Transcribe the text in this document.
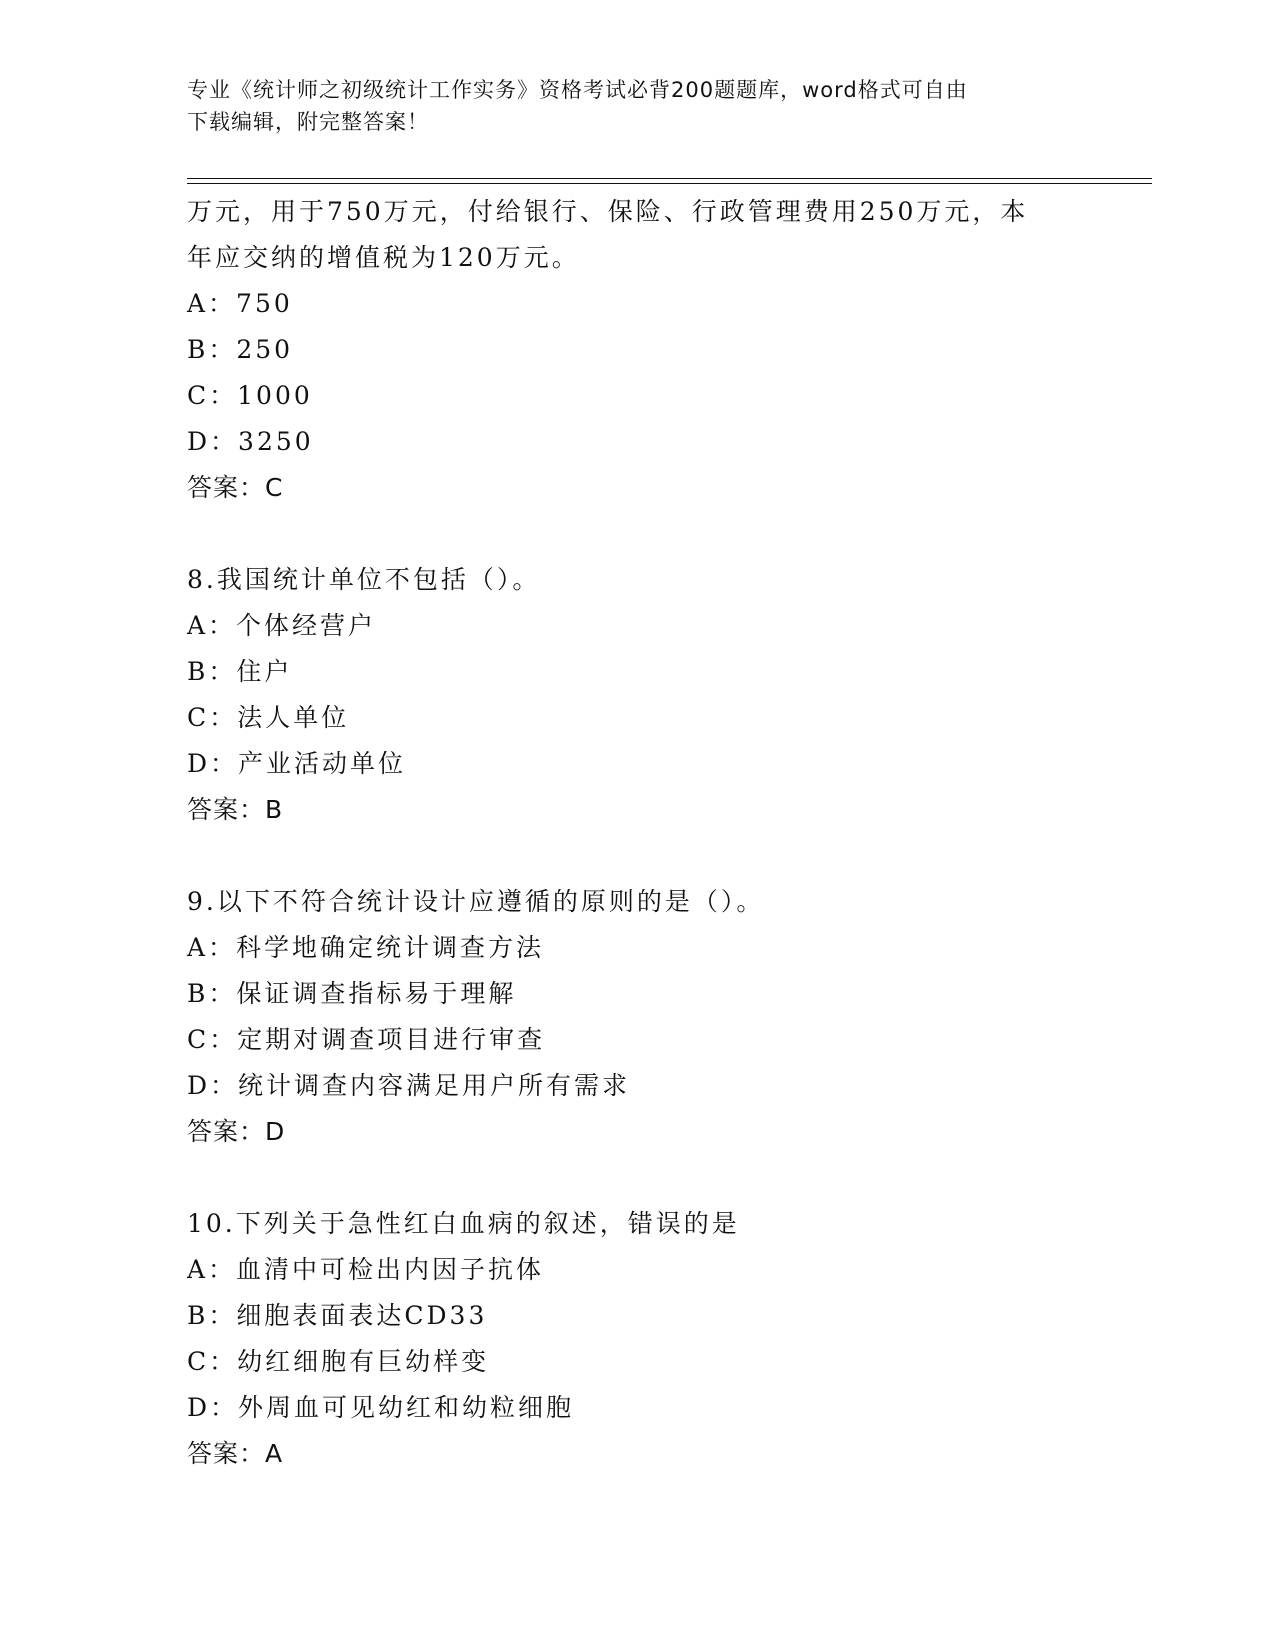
专业《统计师之初级统计工作实务》资格考试必背200题题库，word格式可自由
下载编辑，附完整答案！
万元，用于750万元，付给银行、保险、行政管理费用250万元，本
年应交纳的增值税为120万元。
A：750
B：250
C：1000
D：3250
答案：C
8.我国统计单位不包括（）。
A：个体经营户
B：住户
C：法人单位
D：产业活动单位
答案：B
9.以下不符合统计设计应遵循的原则的是（）。
A：科学地确定统计调查方法
B：保证调查指标易于理解
C：定期对调查项目进行审查
D：统计调查内容满足用户所有需求
答案：D
10.下列关于急性红白血病的叙述，错误的是
A：血清中可检出内因子抗体
B：细胞表面表达CD33
C：幼红细胞有巨幼样变
D：外周血可见幼红和幼粒细胞
答案：A
